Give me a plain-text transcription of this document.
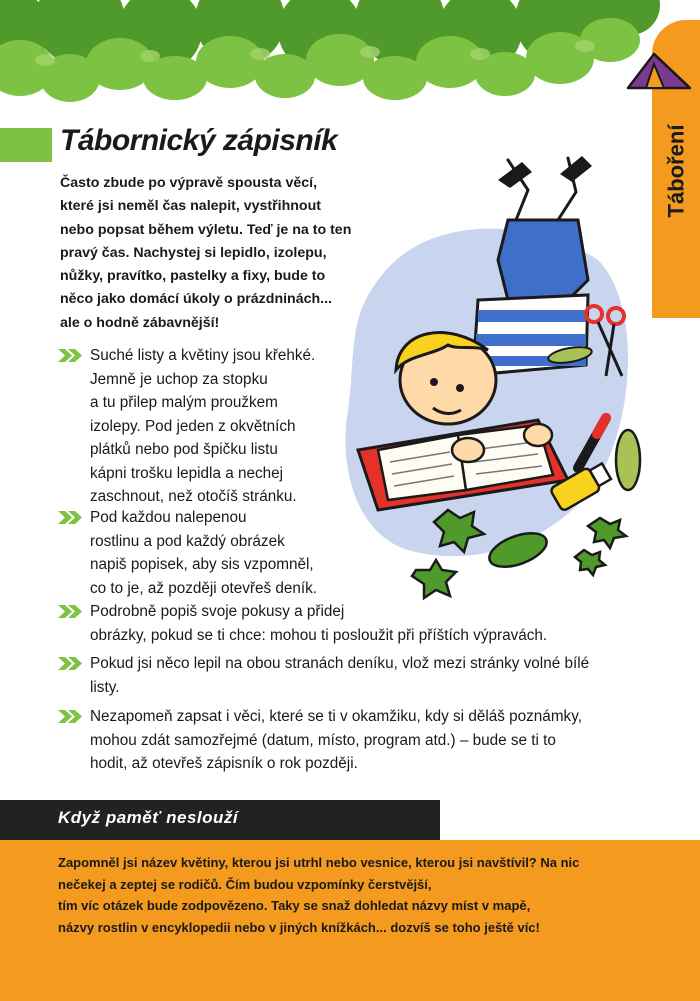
Táboření
Tábornický zápisník

Často zbude po výpravě spousta věcí, které jsi neměl čas nalepit, vystřihnout nebo popsat během výletu. Teď je na to ten pravý čas. Nachystej si lepidlo, izolepu, nůžky, pravítko, pastelky a fixy, bude to něco jako domácí úkoly o prázdninách... ale o hodně zábavnější!

Suché listy a květiny jsou křehké.
Jemně je uchop za stopku
a tu přilep malým proužkem
izolepy. Pod jeden z okvětních
plátků nebo pod špičku listu
kápni trošku lepidla a nechej
zaschnout, než otočíš stránku.
Pod každou nalepenou
rostlinu a pod každý obrázek
napiš popisek, aby sis vzpomněl,
co to je, až později otevřeš deník.
Podrobně popiš svoje pokusy a přidej
obrázky, pokud se ti chce: mohou ti posloužit při příštích výpravách.
Pokud jsi něco lepil na obou stranách deníku, vlož mezi stránky volné bílé
listy.
Nezapomeň zapsat i věci, které se ti v okamžiku, kdy si děláš poznámky,
mohou zdát samozřejmé (datum, místo, program atd.) – bude se ti to
hodit, až otevřeš zápisník o rok později.
Když paměť neslouží

Zapomněl jsi název květiny, kterou jsi utrhl nebo vesnice, kterou jsi navštívil? Na nic
nečekej a zeptej se rodičů. Čím budou vzpomínky čerstvější,
tím víc otázek bude zodpovězeno. Taky se snaž dohledat názvy míst v mapě,
názvy rostlin v encyklopedii nebo v jiných knížkách... dozvíš se toho ještě víc!
